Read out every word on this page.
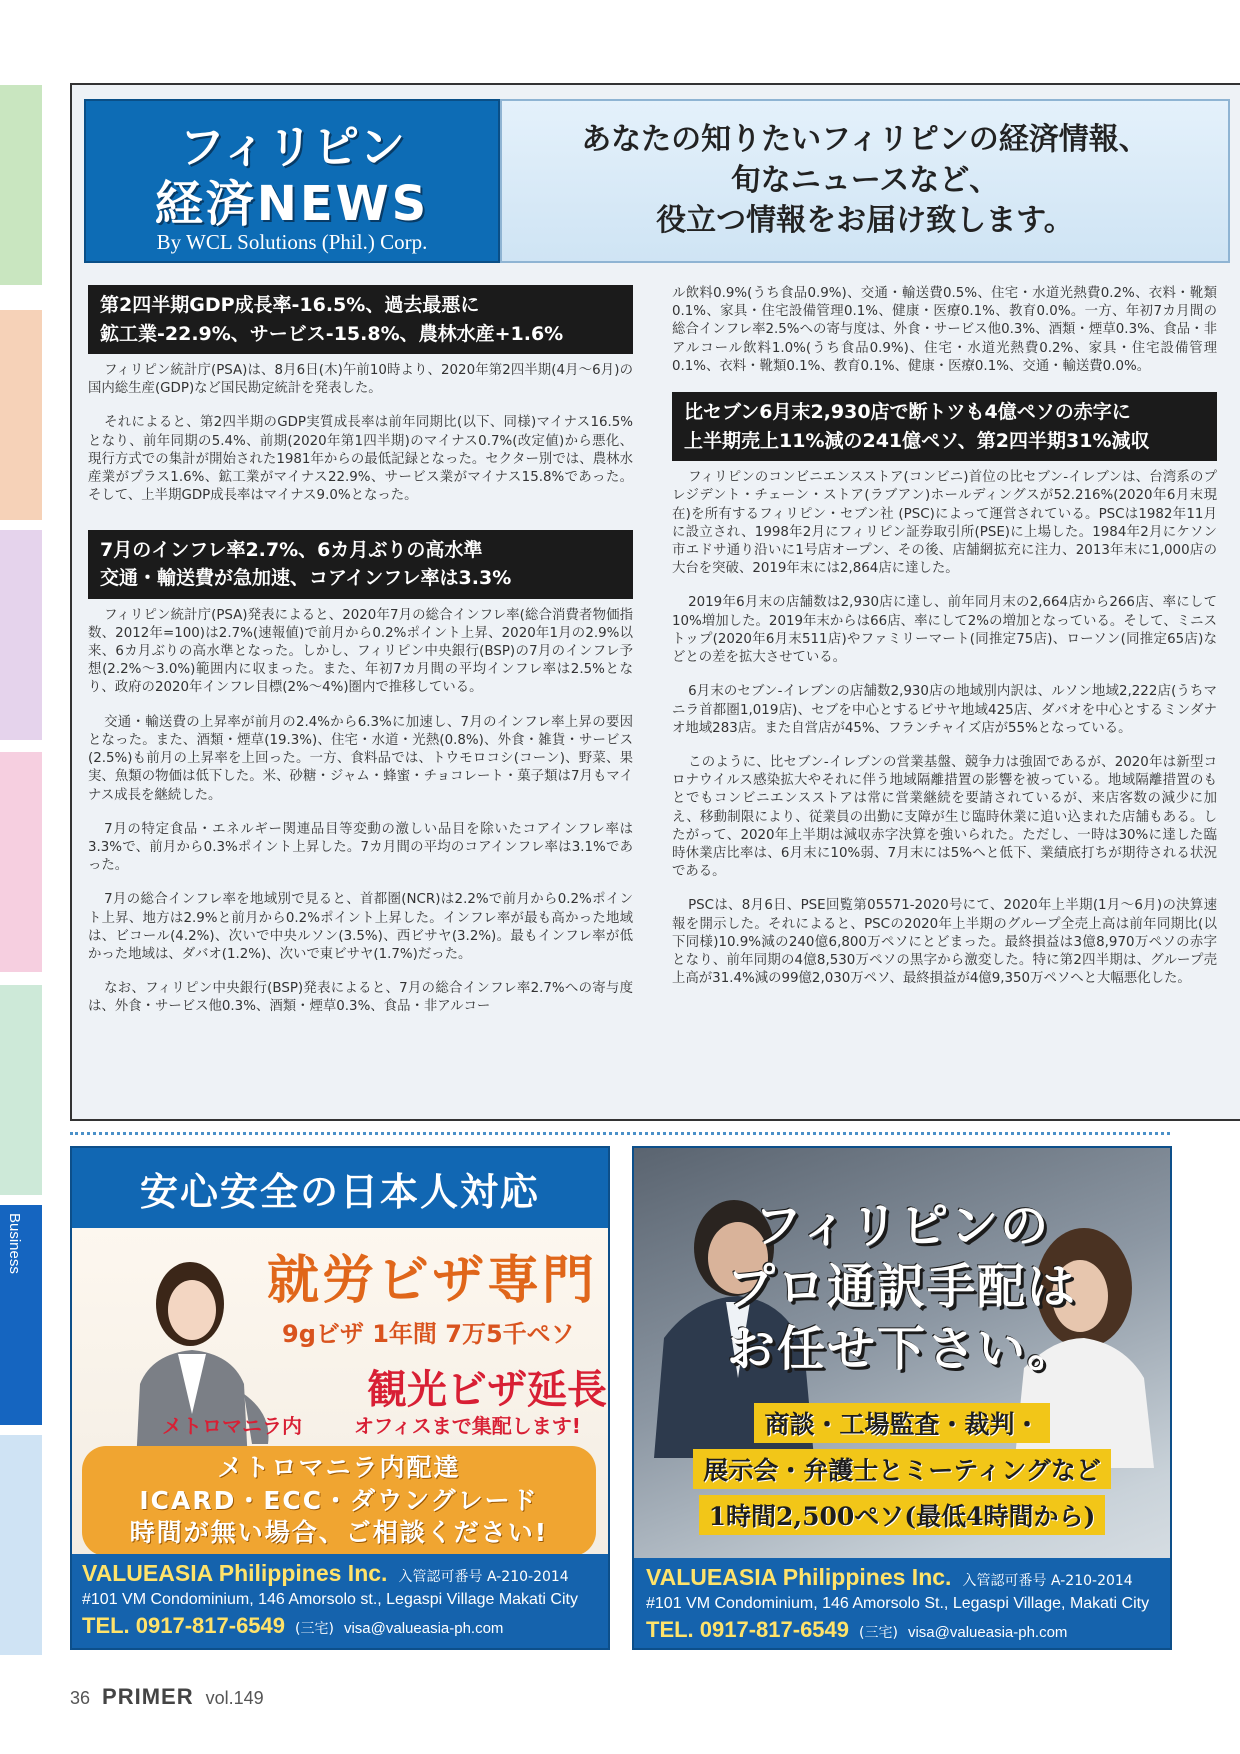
Business
フィリピン
経済NEWS
By WCL Solutions (Phil.) Corp.
あなたの知りたいフィリピンの経済情報、
旬なニュースなど、
役立つ情報をお届け致します。
第2四半期GDP成長率-16.5%、過去最悪に
鉱工業-22.9%、サービス-15.8%、農林水産+1.6%

フィリピン統計庁(PSA)は、8月6日(木)午前10時より、2020年第2四半期(4月〜6月)の国内総生産(GDP)など国民勘定統計を発表した。

それによると、第2四半期のGDP実質成長率は前年同期比(以下、同様)マイナス16.5%となり、前年同期の5.4%、前期(2020年第1四半期)のマイナス0.7%(改定値)から悪化、現行方式での集計が開始された1981年からの最低記録となった。セクター別では、農林水産業がプラス1.6%、鉱工業がマイナス22.9%、サービス業がマイナス15.8%であった。 そして、上半期GDP成長率はマイナス9.0%となった。

7月のインフレ率2.7%、6カ月ぶりの高水準
交通・輸送費が急加速、コアインフレ率は3.3%

フィリピン統計庁(PSA)発表によると、2020年7月の総合インフレ率(総合消費者物価指数、2012年=100)は2.7%(速報値)で前月から0.2%ポイント上昇、2020年1月の2.9%以来、6カ月ぶりの高水準となった。しかし、フィリピン中央銀行(BSP)の7月のインフレ予想(2.2%〜3.0%)範囲内に収まった。また、年初7カ月間の平均インフレ率は2.5%となり、政府の2020年インフレ目標(2%〜4%)圏内で推移している。

交通・輸送費の上昇率が前月の2.4%から6.3%に加速し、7月のインフレ率上昇の要因となった。また、酒類・煙草(19.3%)、住宅・水道・光熱(0.8%)、外食・雑貨・サービス(2.5%)も前月の上昇率を上回った。一方、食料品では、トウモロコシ(コーン)、野菜、果実、魚類の物価は低下した。米、砂糖・ジャム・蜂蜜・チョコレート・菓子類は7月もマイナス成長を継続した。

7月の特定食品・エネルギー関連品目等変動の激しい品目を除いたコアインフレ率は3.3%で、前月から0.3%ポイント上昇した。7カ月間の平均のコアインフレ率は3.1%であった。

7月の総合インフレ率を地域別で見ると、首都圏(NCR)は2.2%で前月から0.2%ポイント上昇、地方は2.9%と前月から0.2%ポイント上昇した。インフレ率が最も高かった地域は、ビコール(4.2%)、次いで中央ルソン(3.5%)、西ビサヤ(3.2%)。最もインフレ率が低かった地域は、ダバオ(1.2%)、次いで東ビサヤ(1.7%)だった。

なお、フィリピン中央銀行(BSP)発表によると、7月の総合インフレ率2.7%への寄与度は、外食・サービス他0.3%、酒類・煙草0.3%、食品・非アルコー

ル飲料0.9%(うち食品0.9%)、交通・輸送費0.5%、住宅・水道光熱費0.2%、衣料・靴類0.1%、家具・住宅設備管理0.1%、健康・医療0.1%、教育0.0%。一方、年初7カ月間の総合インフレ率2.5%への寄与度は、外食・サービス他0.3%、酒類・煙草0.3%、食品・非アルコール飲料1.0%(うち食品0.9%)、住宅・水道光熱費0.2%、家具・住宅設備管理0.1%、衣料・靴類0.1%、教育0.1%、健康・医療0.1%、交通・輸送費0.0%。

比セブン6月末2,930店で断トツも4億ペソの赤字に
上半期売上11%減の241億ペソ、第2四半期31%減収

フィリピンのコンビニエンスストア(コンビニ)首位の比セブン-イレブンは、台湾系のプレジデント・チェーン・ストア(ラブアン)ホールディングスが52.216%(2020年6月末現在)を所有するフィリピン・セブン社 (PSC)によって運営されている。PSCは1982年11月に設立され、1998年2月にフィリピン証券取引所(PSE)に上場した。1984年2月にケソン市エドサ通り沿いに1号店オープン、その後、店舗網拡充に注力、2013年末に1,000店の大台を突破、2019年末には2,864店に達した。

2019年6月末の店舗数は2,930店に達し、前年同月末の2,664店から266店、率にして10%増加した。2019年末からは66店、率にして2%の増加となっている。そして、ミニストップ(2020年6月末511店)やファミリーマート(同推定75店)、ローソン(同推定65店)などとの差を拡大させている。

6月末のセブン-イレブンの店舗数2,930店の地域別内訳は、ルソン地域2,222店(うちマニラ首都圏1,019店)、セブを中心とするビサヤ地域425店、ダバオを中心とするミンダナオ地域283店。また自営店が45%、フランチャイズ店が55%となっている。

このように、比セブン-イレブンの営業基盤、競争力は強固であるが、2020年は新型コロナウイルス感染拡大やそれに伴う地域隔離措置の影響を被っている。地域隔離措置のもとでもコンビニエンスストアは常に営業継続を要請されているが、来店客数の減少に加え、移動制限により、従業員の出勤に支障が生じ臨時休業に追い込まれた店舗もある。したがって、2020年上半期は減収赤字決算を強いられた。ただし、一時は30%に達した臨時休業店比率は、6月末に10%弱、7月末には5%へと低下、業績底打ちが期待される状況である。

PSCは、8月6日、PSE回覧第05571-2020号にて、2020年上半期(1月〜6月)の決算速報を開示した。それによると、PSCの2020年上半期のグループ全売上高は前年同期比(以下同様)10.9%減の240億6,800万ペソにとどまった。最終損益は3億8,970万ペソの赤字となり、前年同期の4億8,530万ペソの黒字から激変した。特に第2四半期は、グループ売上高が31.4%減の99億2,030万ペソ、最終損益が4億9,350万ペソへと大幅悪化した。

安心安全の日本人対応
就労ビザ専門
9gビザ 1年間 7万5千ペソ
観光ビザ延長
メトロマニラ内	オフィスまで集配します!
メトロマニラ内配達
ICARD・ECC・ダウングレード
時間が無い場合、ご相談ください!
VALUEASIA Philippines Inc. 入管認可番号 A-210-2014
#101 VM Condominium, 146 Amorsolo st., Legaspi Village Makati City
TEL. 0917-817-6549 (三宅) visa@valueasia-ph.com
フィリピンの
プロ通訳手配は
お任せ下さい。
商談・工場監査・裁判・
展示会・弁護士とミーティングなど
1時間2,500ペソ(最低4時間から)
VALUEASIA Philippines Inc. 入管認可番号 A-210-2014
#101 VM Condominium, 146 Amorsolo St., Legaspi Village, Makati City
TEL. 0917-817-6549 (三宅) visa@valueasia-ph.com
36 PRIMER vol.149
